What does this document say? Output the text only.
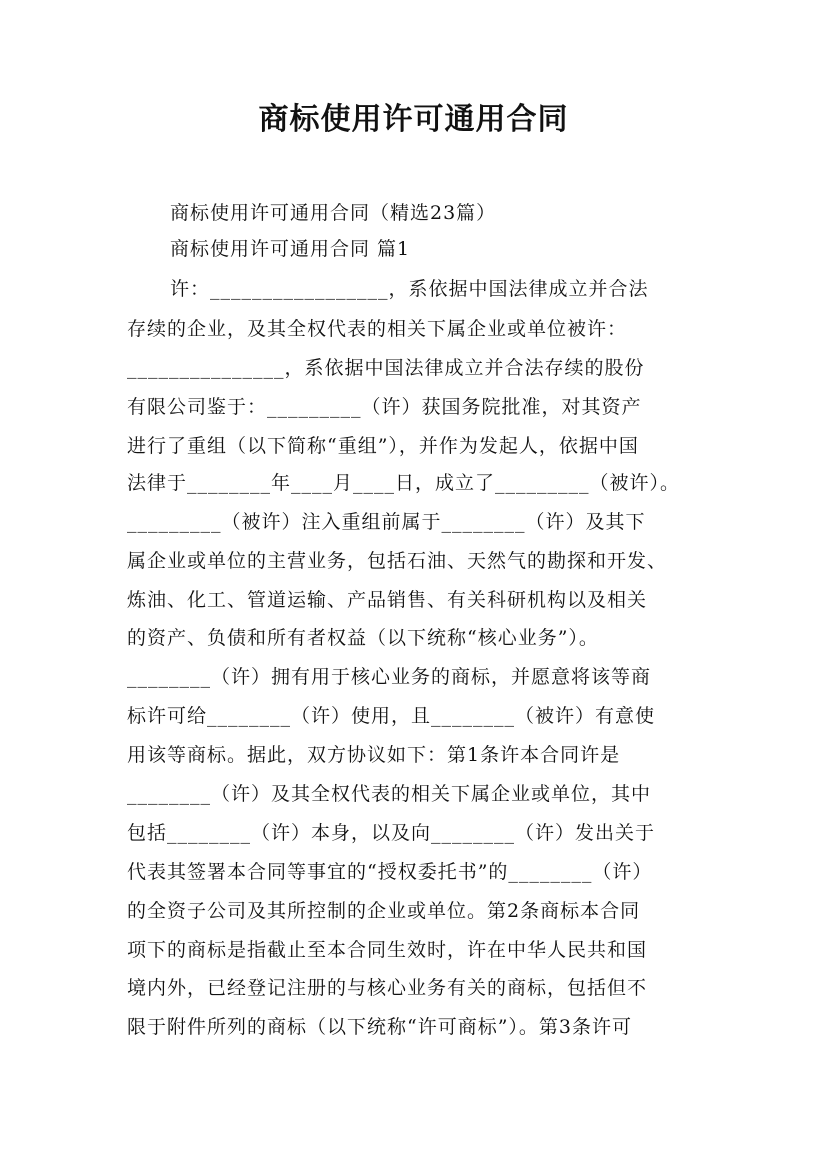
商标使用许可通用合同
商标使用许可通用合同（精选23篇）
商标使用许可通用合同 篇1
许：_________________，系依据中国法律成立并合法
存续的企业，及其全权代表的相关下属企业或单位被许：
_______________，系依据中国法律成立并合法存续的股份
有限公司鉴于：_________（许）获国务院批准，对其资产
进行了重组（以下简称“重组”），并作为发起人，依据中国
法律于________年____月____日，成立了_________（被许）。
_________（被许）注入重组前属于________（许）及其下
属企业或单位的主营业务，包括石油、天然气的勘探和开发、
炼油、化工、管道运输、产品销售、有关科研机构以及相关
的资产、负债和所有者权益（以下统称“核心业务”）。
________（许）拥有用于核心业务的商标，并愿意将该等商
标许可给________（许）使用，且________（被许）有意使
用该等商标。据此，双方协议如下：第1条许本合同许是
________（许）及其全权代表的相关下属企业或单位，其中
包括________（许）本身，以及向________（许）发出关于
代表其签署本合同等事宜的“授权委托书”的________（许）
的全资子公司及其所控制的企业或单位。第2条商标本合同
项下的商标是指截止至本合同生效时，许在中华人民共和国
境内外，已经登记注册的与核心业务有关的商标，包括但不
限于附件所列的商标（以下统称“许可商标”）。第3条许可
